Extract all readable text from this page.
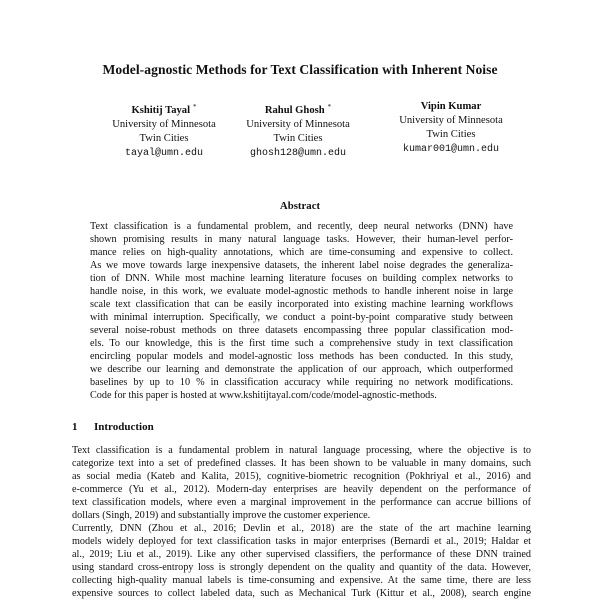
Model-agnostic Methods for Text Classification with Inherent Noise
Kshitij Tayal *
University of Minnesota
Twin Cities
tayal@umn.edu
Rahul Ghosh *
University of Minnesota
Twin Cities
ghosh128@umn.edu
Vipin Kumar
University of Minnesota
Twin Cities
kumar001@umn.edu
Abstract
Text classification is a fundamental problem, and recently, deep neural networks (DNN) have
shown promising results in many natural language tasks. However, their human-level perfor-
mance relies on high-quality annotations, which are time-consuming and expensive to collect.
As we move towards large inexpensive datasets, the inherent label noise degrades the generaliza-
tion of DNN. While most machine learning literature focuses on building complex networks to
handle noise, in this work, we evaluate model-agnostic methods to handle inherent noise in large
scale text classification that can be easily incorporated into existing machine learning workflows
with minimal interruption. Specifically, we conduct a point-by-point comparative study between
several noise-robust methods on three datasets encompassing three popular classification mod-
els. To our knowledge, this is the first time such a comprehensive study in text classification
encircling popular models and model-agnostic loss methods has been conducted. In this study,
we describe our learning and demonstrate the application of our approach, which outperformed
baselines by up to 10 % in classification accuracy while requiring no network modifications.
Code for this paper is hosted at www.kshitijtayal.com/code/model-agnostic-methods.
1 Introduction
Text classification is a fundamental problem in natural language processing, where the objective is to
categorize text into a set of predefined classes. It has been shown to be valuable in many domains, such
as social media (Kateb and Kalita, 2015), cognitive-biometric recognition (Pokhriyal et al., 2016) and
e-commerce (Yu et al., 2012). Modern-day enterprises are heavily dependent on the performance of
text classification models, where even a marginal improvement in the performance can accrue billions of
dollars (Singh, 2019) and substantially improve the customer experience.
Currently, DNN (Zhou et al., 2016; Devlin et al., 2018) are the state of the art machine learning
models widely deployed for text classification tasks in major enterprises (Bernardi et al., 2019; Haldar et
al., 2019; Liu et al., 2019). Like any other supervised classifiers, the performance of these DNN trained
using standard cross-entropy loss is strongly dependent on the quality and quantity of the data. However,
collecting high-quality manual labels is time-consuming and expensive. At the same time, there are less
expensive sources to collect labeled data, such as Mechanical Turk (Kittur et al., 2008), search engine
